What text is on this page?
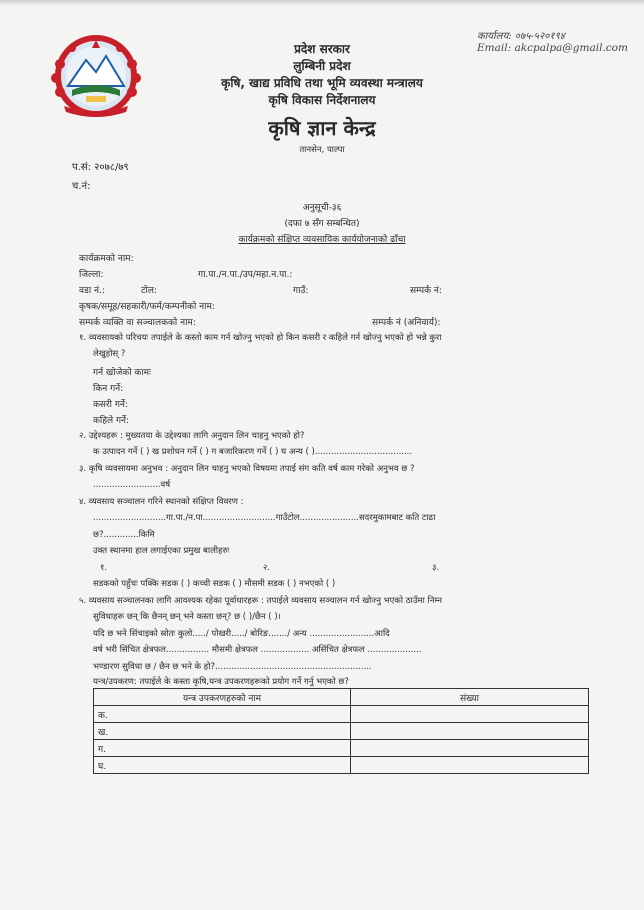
कार्यालय: ०७५-५२०१९४
Email: akcpalpa@gmail.com
प्रदेश सरकार
लुम्बिनी प्रदेश
कृषि, खाद्य प्रविधि तथा भूमि व्यवस्था मन्त्रालय
कृषि विकास निर्देशनालय
कृषि ज्ञान केन्द्र
तानसेन, पाल्पा
प.सं: २०७८/७९
च.नं:
अनुसूची-३६
(दफा ७ सँग सम्बन्धित)
कार्यक्रमको संक्षिप्त व्यवसायिक कार्ययोजनाको ढाँचा
कार्यक्रमको नाम:
जिल्ला:	गा.पा./न.पा./उप/महा.न.पा.:
वडा नं.:	टोल:	गाउँ:	सम्पर्क नं:
कृषक/समूह/सहकारी/फर्म/कम्पनीको नाम:
सम्पर्क व्यक्ति वा सञ्चालकको नाम:	सम्पर्क नं (अनिवार्य):
१. व्यवसायको परिचयः तपाईले के कस्तो काम गर्न खोज्नु भएको हो किन कसरी र कहिले गर्न खोज्नु भएको हो भन्ने कुरा
लेखुहोस् ?
गर्न खोजेको कामः
किन गर्ने:
कसरी गर्ने:
कहिले गर्ने:
२. उद्देश्यहरू : मुख्यतया के उद्देश्यका लागि अनुदान लिन चाहनु भएको हो?
क उत्पादन गर्ने ( ) ख प्रशोधन गर्ने ( ) ग बजारिकरण गर्ने ( ) घ अन्य ( )....................................
३. कृषि व्यवसायमा अनुभव : अनुदान लिन चाहनु भएको विषयमा तपाई संग कति वर्ष काम गरेको अनुभव छ ?
.........................वर्ष
४. व्यवसाय सञ्चालन गरिने स्थानको संक्षिप्त विवरण :
...........................गा.पा./न.पा...........................गाउँटोल......................सदरमुकामबाट कति टाढा
छ?.............किमि
उक्त स्थानमा हाल लगाईएका प्रमुख बालीहरुः
१.	२.	३.
सडकको पहुँचः पक्कि सडक ( ) कच्ची सडक ( ) मौसमी सडक ( ) नभएको ( )
५. व्यवसाय सञ्चालनका लागि आवश्यक रहेका पूर्वाधारहरू : तपाईले व्यवसाय सञ्चालन गर्न खोज्नु भएको ठाउँमा निम्न
सुविधाहरू छन् कि छैनन् छन् भने कस्ता छन्? छ ( )/छैन ( )।
यदि छ भने सिंचाइको स्रोतः कुलो...../ पोखरी...../ बोरिङ......./ अन्य ........................आदि
वर्ष भरी सिंचित क्षेत्रफल................ मौसमी क्षेत्रफल .................. असिंचित क्षेत्रफल ....................
भण्डारण सुविधा छ / छैन छ भने के हो?..........................................................
यन्त्र/उपकरण: तपाईले के कस्ता कृषि,यन्त्र उपकरणहरूको प्रयोग गर्ने गर्नु भएको छ?
यन्त्र उपकरणहरुको नाम	संख्या
क.	
ख.	
ग.	
घ.	
